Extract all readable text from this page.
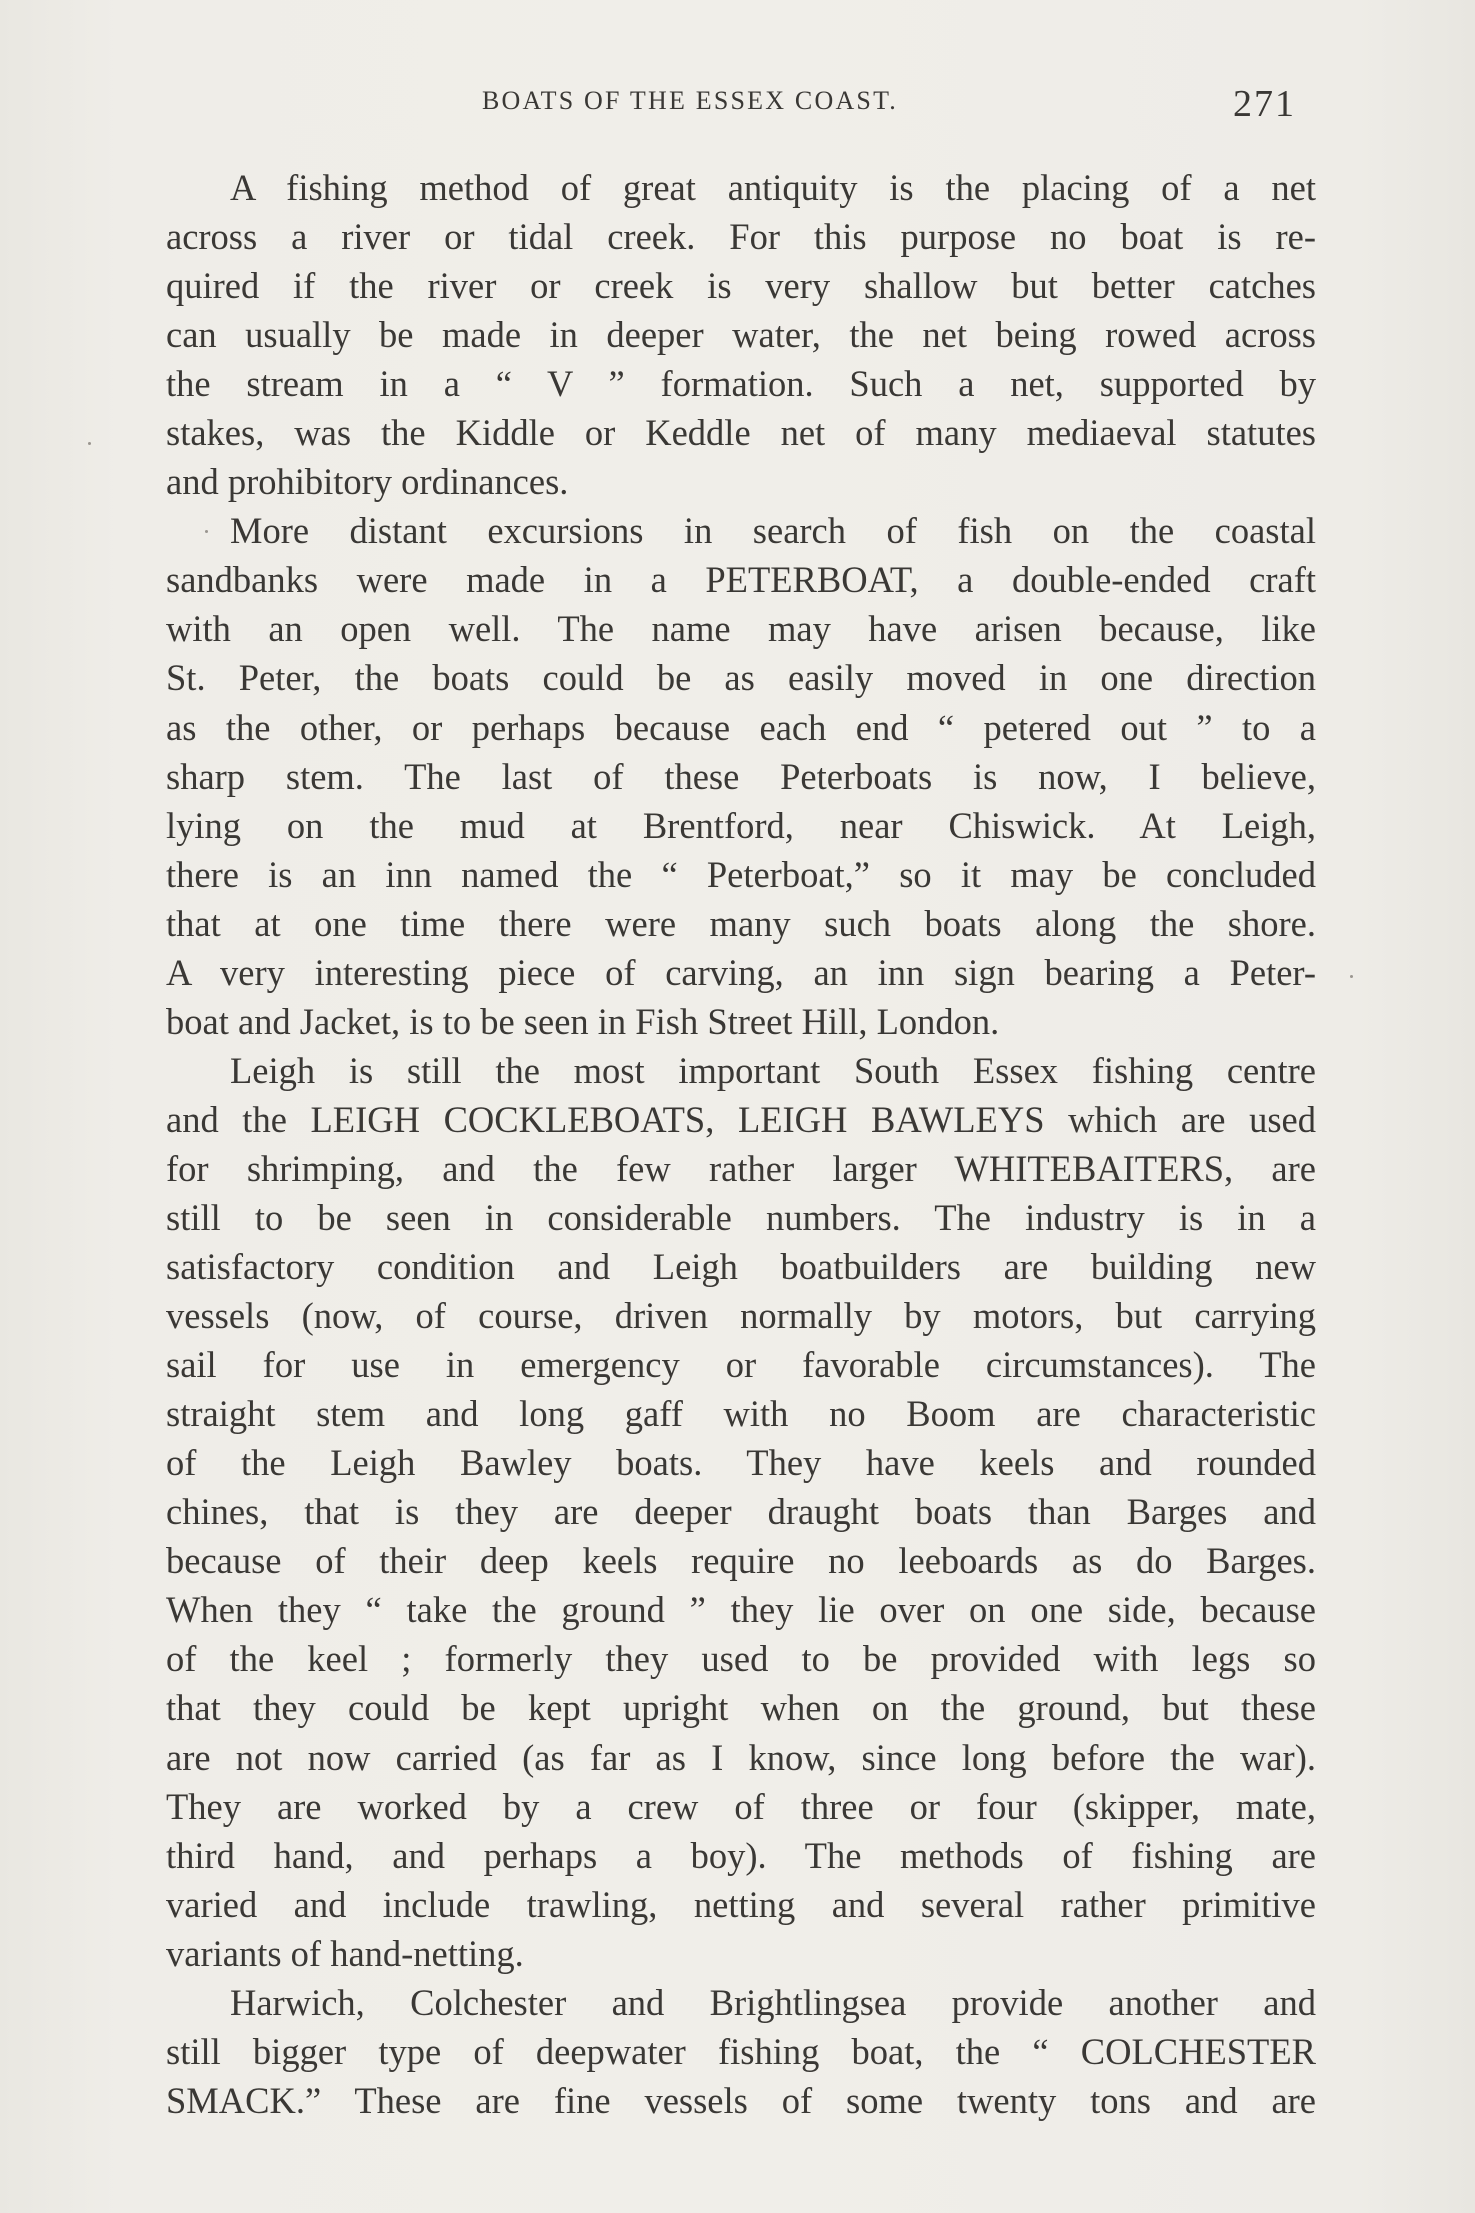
BOATS OF THE ESSEX COAST.	271
A fishing method of great antiquity is the placing of a net
across a river or tidal creek. For this purpose no boat is re-
quired if the river or creek is very shallow but better catches
can usually be made in deeper water, the net being rowed across
the stream in a “ V ” formation. Such a net, supported by
stakes, was the Kiddle or Keddle net of many mediaeval statutes
and prohibitory ordinances.
More distant excursions in search of fish on the coastal
sandbanks were made in a PETERBOAT, a double-ended craft
with an open well. The name may have arisen because, like
St. Peter, the boats could be as easily moved in one direction
as the other, or perhaps because each end “ petered out ” to a
sharp stem. The last of these Peterboats is now, I believe,
lying on the mud at Brentford, near Chiswick. At Leigh,
there is an inn named the “ Peterboat,” so it may be concluded
that at one time there were many such boats along the shore.
A very interesting piece of carving, an inn sign bearing a Peter-
boat and Jacket, is to be seen in Fish Street Hill, London.
Leigh is still the most important South Essex fishing centre
and the LEIGH COCKLEBOATS, LEIGH BAWLEYS which are used
for shrimping, and the few rather larger WHITEBAITERS, are
still to be seen in considerable numbers. The industry is in a
satisfactory condition and Leigh boatbuilders are building new
vessels (now, of course, driven normally by motors, but carrying
sail for use in emergency or favorable circumstances). The
straight stem and long gaff with no Boom are characteristic
of the Leigh Bawley boats. They have keels and rounded
chines, that is they are deeper draught boats than Barges and
because of their deep keels require no leeboards as do Barges.
When they “ take the ground ” they lie over on one side, because
of the keel ; formerly they used to be provided with legs so
that they could be kept upright when on the ground, but these
are not now carried (as far as I know, since long before the war).
They are worked by a crew of three or four (skipper, mate,
third hand, and perhaps a boy). The methods of fishing are
varied and include trawling, netting and several rather primitive
variants of hand-netting.
Harwich, Colchester and Brightlingsea provide another and
still bigger type of deepwater fishing boat, the “ COLCHESTER
SMACK.” These are fine vessels of some twenty tons and are
